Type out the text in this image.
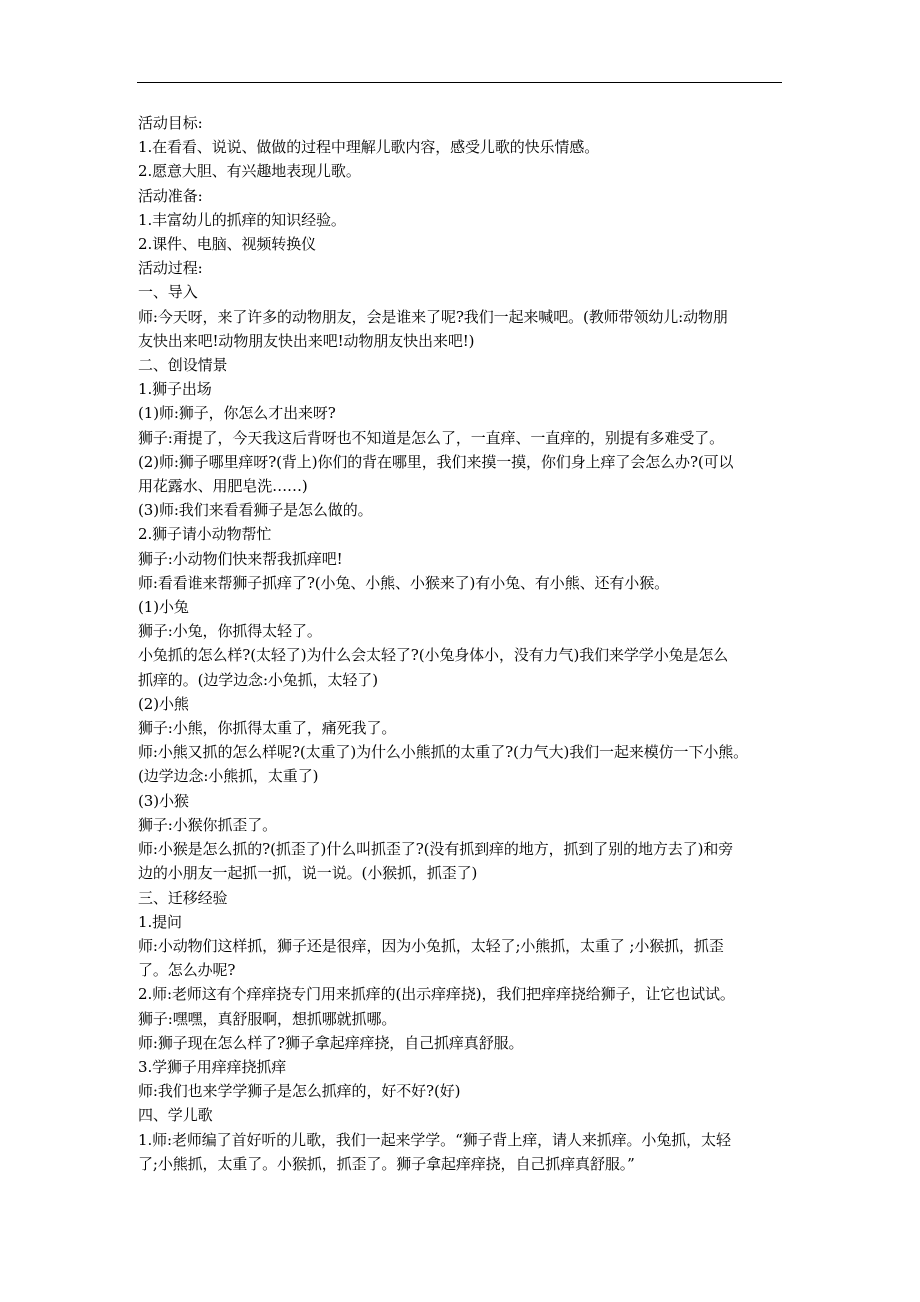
活动目标:
1.在看看、说说、做做的过程中理解儿歌内容，感受儿歌的快乐情感。
2.愿意大胆、有兴趣地表现儿歌。
活动准备:
1.丰富幼儿的抓痒的知识经验。
2.课件、电脑、视频转换仪
活动过程:
一、导入
师:今天呀，来了许多的动物朋友，会是谁来了呢?我们一起来喊吧。(教师带领幼儿:动物朋
友快出来吧!动物朋友快出来吧!动物朋友快出来吧!)
二、创设情景
1.狮子出场
(1)师:狮子，你怎么才出来呀?
狮子:甭提了，今天我这后背呀也不知道是怎么了，一直痒、一直痒的，别提有多难受了。
(2)师:狮子哪里痒呀?(背上)你们的背在哪里，我们来摸一摸，你们身上痒了会怎么办?(可以
用花露水、用肥皂洗……)
(3)师:我们来看看狮子是怎么做的。
2.狮子请小动物帮忙
狮子:小动物们快来帮我抓痒吧!
师:看看谁来帮狮子抓痒了?(小兔、小熊、小猴来了)有小兔、有小熊、还有小猴。
(1)小兔
狮子:小兔，你抓得太轻了。
小兔抓的怎么样?(太轻了)为什么会太轻了?(小兔身体小，没有力气)我们来学学小兔是怎么
抓痒的。(边学边念:小兔抓，太轻了)
(2)小熊
狮子:小熊，你抓得太重了，痛死我了。
师:小熊又抓的怎么样呢?(太重了)为什么小熊抓的太重了?(力气大)我们一起来模仿一下小熊。
(边学边念:小熊抓，太重了)
(3)小猴
狮子:小猴你抓歪了。
师:小猴是怎么抓的?(抓歪了)什么叫抓歪了?(没有抓到痒的地方，抓到了别的地方去了)和旁
边的小朋友一起抓一抓，说一说。(小猴抓，抓歪了)
三、迁移经验
1.提问
师:小动物们这样抓，狮子还是很痒，因为小兔抓，太轻了;小熊抓，太重了 ;小猴抓，抓歪
了。怎么办呢?
2.师:老师这有个痒痒挠专门用来抓痒的(出示痒痒挠)，我们把痒痒挠给狮子，让它也试试。
狮子:嘿嘿，真舒服啊，想抓哪就抓哪。
师:狮子现在怎么样了?狮子拿起痒痒挠，自己抓痒真舒服。
3.学狮子用痒痒挠抓痒
师:我们也来学学狮子是怎么抓痒的，好不好?(好)
四、学儿歌
1.师:老师编了首好听的儿歌，我们一起来学学。“狮子背上痒，请人来抓痒。小兔抓，太轻
了;小熊抓，太重了。小猴抓，抓歪了。狮子拿起痒痒挠，自己抓痒真舒服。”
